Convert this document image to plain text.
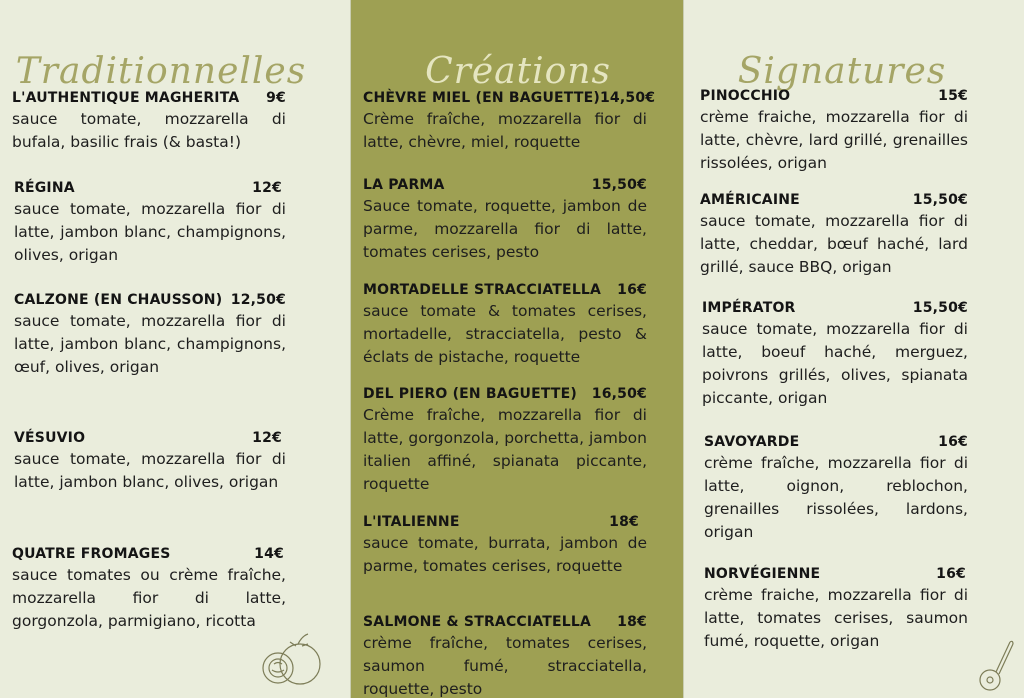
Traditionnelles
L'AUTHENTIQUE MAGHERITA 9€
sauce tomate, mozzarella di bufala, basilic frais (& basta!)
RÉGINA	12€
sauce tomate, mozzarella fior di latte, jambon blanc, champignons, olives, origan
CALZONE (EN CHAUSSON) 12,50€
sauce tomate, mozzarella fior di latte, jambon blanc, champignons, œuf, olives, origan
VÉSUVIO	12€
sauce tomate, mozzarella fior di latte, jambon blanc, olives, origan
QUATRE FROMAGES	14€
sauce tomates ou crème fraîche, mozzarella fior di latte, gorgonzola, parmigiano, ricotta
Créations
CHÈVRE MIEL (EN BAGUETTE) 14,50€
Crème fraîche, mozzarella fior di latte, chèvre, miel, roquette
LA PARMA	15,50€
Sauce tomate, roquette, jambon de parme, mozzarella fior di latte, tomates cerises, pesto
MORTADELLE STRACCIATELLA 16€
sauce tomate & tomates cerises, mortadelle, stracciatella, pesto & éclats de pistache, roquette
DEL PIERO (EN BAGUETTE) 16,50€
Crème fraîche, mozzarella fior di latte, gorgonzola, porchetta, jambon italien affiné, spianata piccante, roquette
L'ITALIENNE	18€
sauce tomate, burrata, jambon de parme, tomates cerises, roquette
SALMONE & STRACCIATELLA 18€
crème fraîche, tomates cerises, saumon fumé, stracciatella, roquette, pesto
Signatures
PINOCCHIO	15€
crème fraiche, mozzarella fior di latte, chèvre, lard grillé, grenailles rissolées, origan
AMÉRICAINE	15,50€
sauce tomate, mozzarella fior di latte, cheddar, bœuf haché, lard grillé, sauce BBQ, origan
IMPÉRATOR	15,50€
sauce tomate, mozzarella fior di latte, boeuf haché, merguez, poivrons grillés, olives, spianata piccante, origan
SAVOYARDE	16€
crème fraîche, mozzarella fior di latte, oignon, reblochon, grenailles rissolées, lardons, origan
NORVÉGIENNE	16€
crème fraiche, mozzarella fior di latte, tomates cerises, saumon fumé, roquette, origan
